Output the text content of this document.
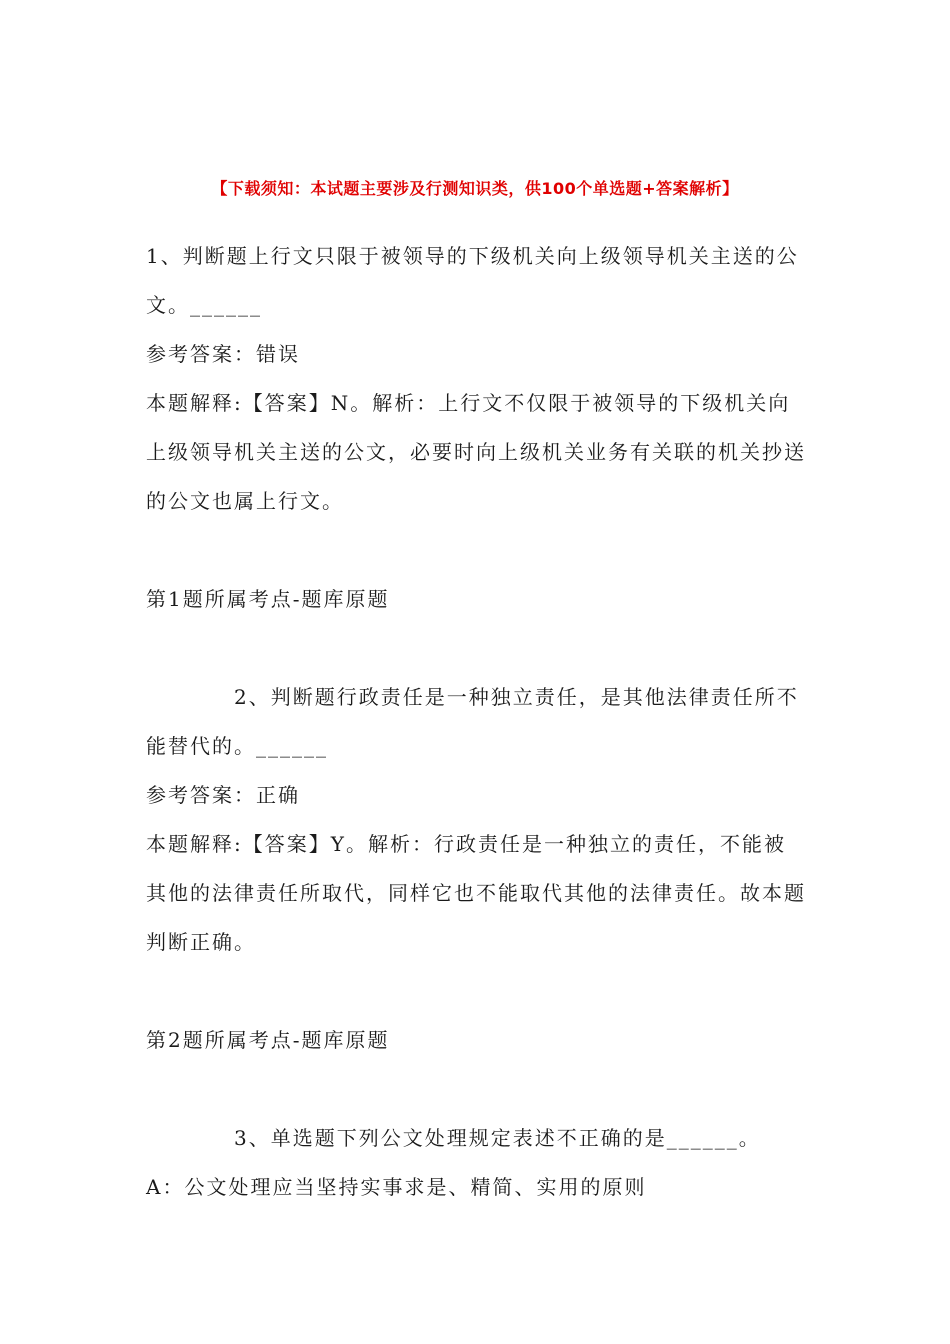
【下载须知：本试题主要涉及行测知识类，供100个单选题+答案解析】

1、判断题上行文只限于被领导的下级机关向上级领导机关主送的公文。______

参考答案：错误

本题解释:【答案】N。解析：上行文不仅限于被领导的下级机关向上级领导机关主送的公文，必要时向上级机关业务有关联的机关抄送的公文也属上行文。

第1题所属考点-题库原题

2、判断题行政责任是一种独立责任，是其他法律责任所不能替代的。______

参考答案：正确

本题解释:【答案】Y。解析：行政责任是一种独立的责任，不能被其他的法律责任所取代，同样它也不能取代其他的法律责任。故本题判断正确。

第2题所属考点-题库原题

3、单选题下列公文处理规定表述不正确的是______。

A：公文处理应当坚持实事求是、精简、实用的原则
